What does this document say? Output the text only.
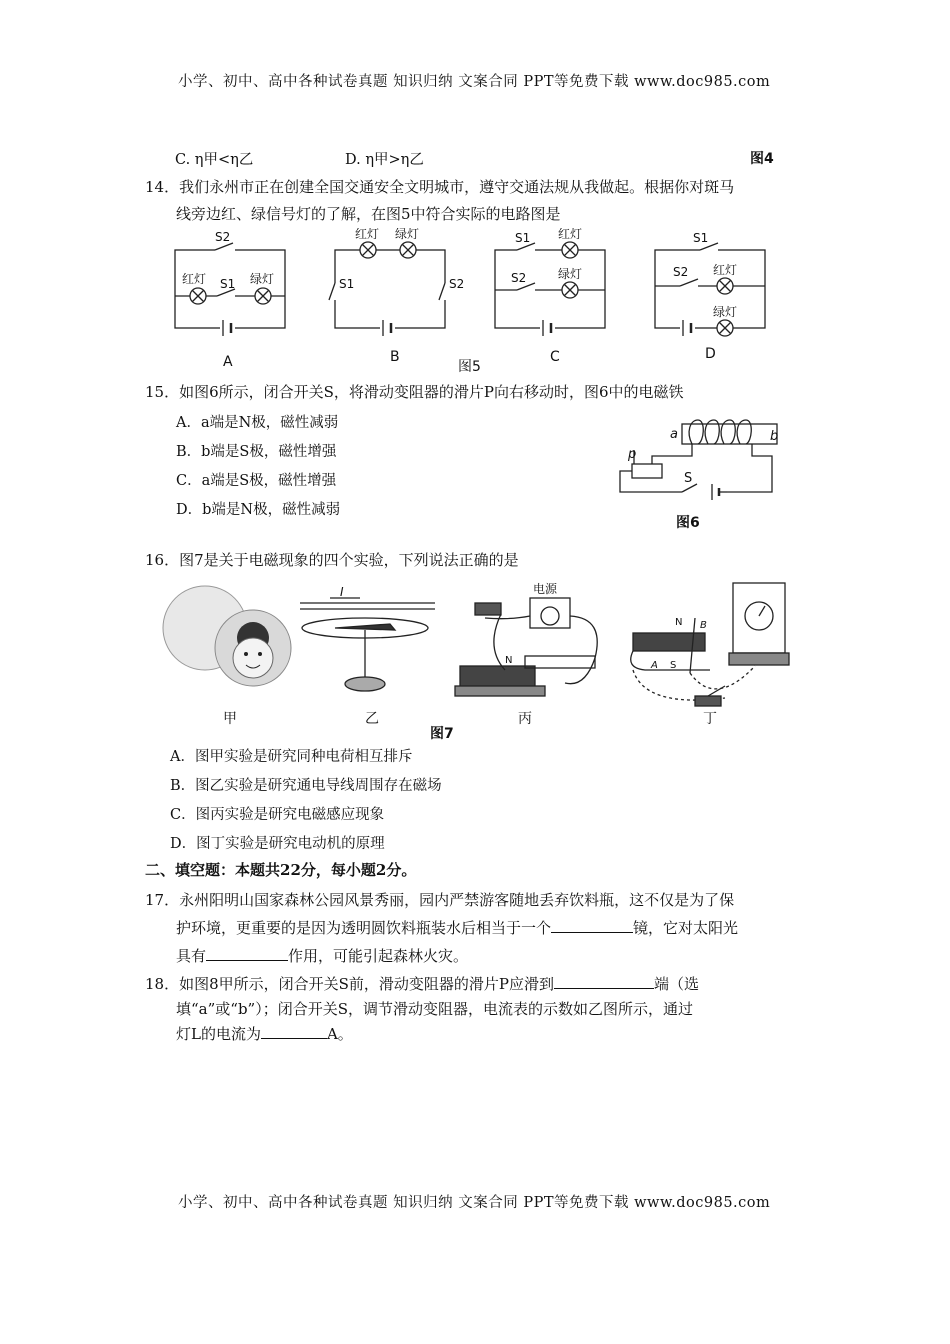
小学、初中、高中各种试卷真题 知识归纳 文案合同 PPT等免费下载 www.doc985.com
C. η甲<η乙	D. η甲>η乙	图4
14．我们永州市正在创建全国交通安全文明城市，遵守交通法规从我做起。根据你对斑马
线旁边红、绿信号灯的了解，在图5中符合实际的电路图是
S2
红灯 S1 绿灯
红灯 绿灯
S1	S2
S1 红灯
S2	绿灯
S1
S2 红灯
绿灯
A	B	C	D
图5
15．如图6所示，闭合开关S，将滑动变阻器的滑片P向右移动时，图6中的电磁铁
A．a端是N极，磁性减弱
B．b端是S极，磁性增强
C．a端是S极，磁性增强
D．b端是N极，磁性减弱
a	b
p
S
图6
16．图7是关于电磁现象的四个实验，下列说法正确的是
I	电源
N
N B
A S
甲	乙	丙	丁
图7
A．图甲实验是研究同种电荷相互排斥
B．图乙实验是研究通电导线周围存在磁场
C．图丙实验是研究电磁感应现象
D．图丁实验是研究电动机的原理
二、填空题：本题共22分，每小题2分。
17．永州阳明山国家森林公园风景秀丽，园内严禁游客随地丢弃饮料瓶，这不仅是为了保
护环境，更重要的是因为透明圆饮料瓶装水后相当于一个	镜，它对太阳光
具有	作用，可能引起森林火灾。
18．如图8甲所示，闭合开关S前，滑动变阻器的滑片P应滑到	端（选
填“a”或“b”）；闭合开关S，调节滑动变阻器，电流表的示数如乙图所示，通过
灯L的电流为	A。
小学、初中、高中各种试卷真题 知识归纳 文案合同 PPT等免费下载 www.doc985.com
